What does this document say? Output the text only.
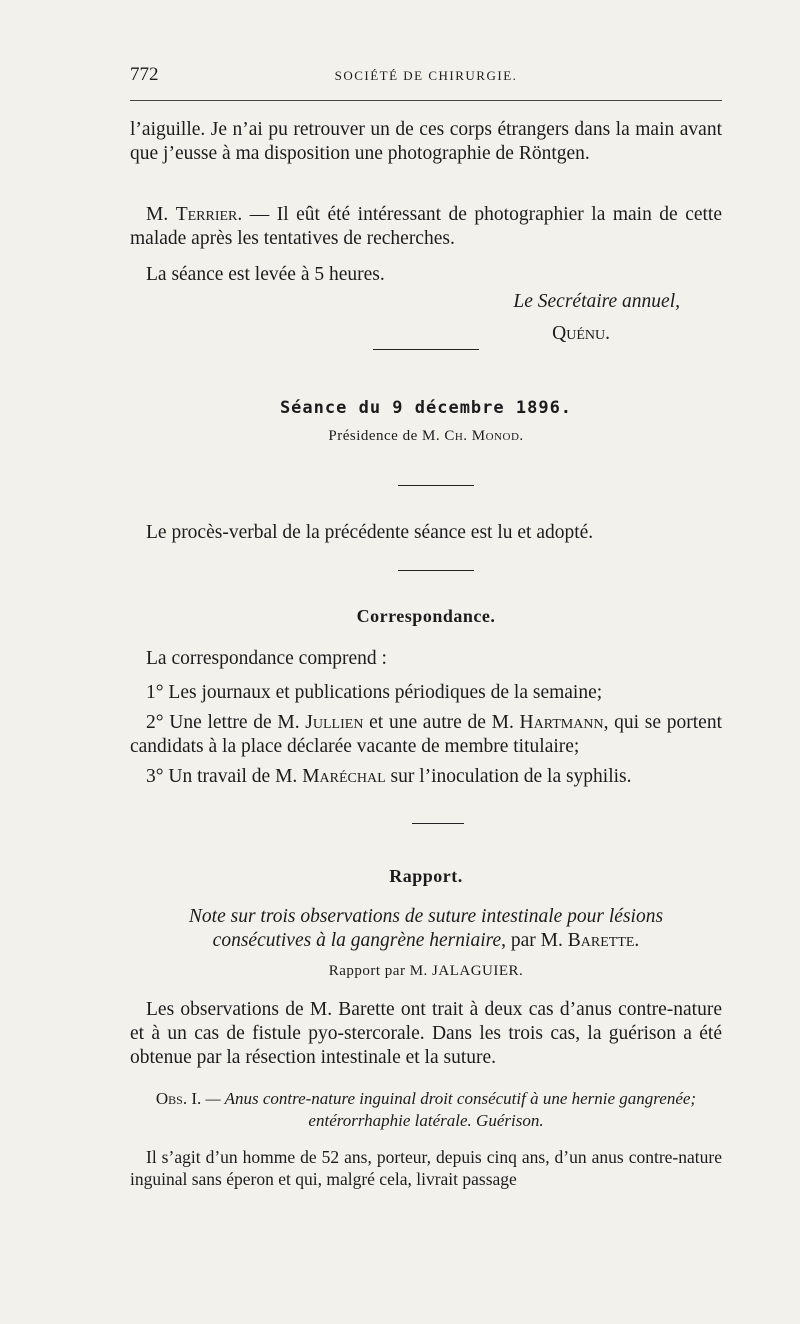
772	SOCIÉTÉ DE CHIRURGIE.

l’aiguille. Je n’ai pu retrouver un de ces corps étrangers dans la main avant que j’eusse à ma disposition une photographie de Röntgen.

M. Terrier. — Il eût été intéressant de photographier la main de cette malade après les tentatives de recherches.

La séance est levée à 5 heures.

Le Secrétaire annuel,

Quénu.

Séance du 9 décembre 1896.
Présidence de M. Ch. Monod.

Le procès-verbal de la précédente séance est lu et adopté.

Correspondance.

La correspondance comprend :

1° Les journaux et publications périodiques de la semaine;

2° Une lettre de M. Jullien et une autre de M. Hartmann, qui se portent candidats à la place déclarée vacante de membre titulaire;

3° Un travail de M. Maréchal sur l’inoculation de la syphilis.

Rapport.
Note sur trois observations de suture intestinale pour lésions consécutives à la gangrène herniaire, par M. Barette.
Rapport par M. JALAGUIER.

Les observations de M. Barette ont trait à deux cas d’anus contre-nature et à un cas de fistule pyo-stercorale. Dans les trois cas, la guérison a été obtenue par la résection intestinale et la suture.

Obs. I. — Anus contre-nature inguinal droit consécutif à une hernie gangrenée; entérorrhaphie latérale. Guérison.

Il s’agit d’un homme de 52 ans, porteur, depuis cinq ans, d’un anus contre-nature inguinal sans éperon et qui, malgré cela, livrait passage
